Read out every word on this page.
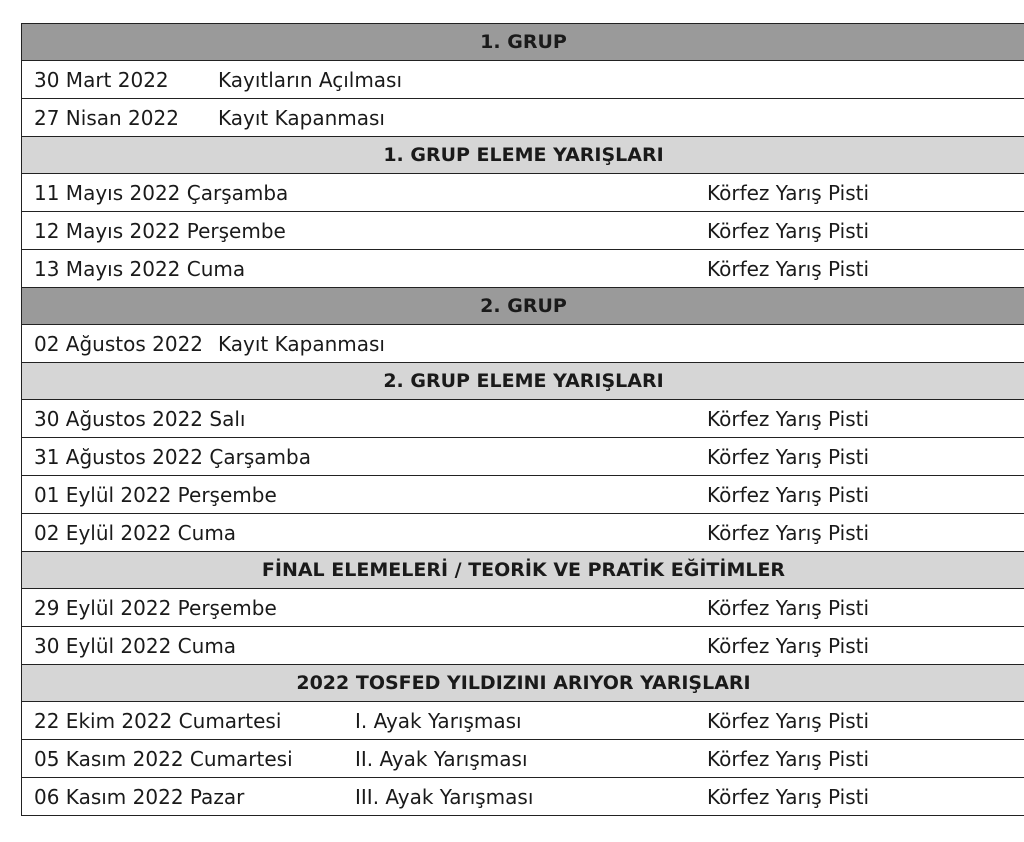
1. GRUP
30 Mart 2022 Kayıtların Açılması
27 Nisan 2022 Kayıt Kapanması
1. GRUP ELEME YARIŞLARI
11 Mayıs 2022 Çarşamba	Körfez Yarış Pisti
12 Mayıs 2022 Perşembe	Körfez Yarış Pisti
13 Mayıs 2022 Cuma	Körfez Yarış Pisti
2. GRUP
02 Ağustos 2022 Kayıt Kapanması
2. GRUP ELEME YARIŞLARI
30 Ağustos 2022 Salı	Körfez Yarış Pisti
31 Ağustos 2022 Çarşamba	Körfez Yarış Pisti
01 Eylül 2022 Perşembe	Körfez Yarış Pisti
02 Eylül 2022 Cuma	Körfez Yarış Pisti
FİNAL ELEMELERİ / TEORİK VE PRATİK EĞİTİMLER
29 Eylül 2022 Perşembe	Körfez Yarış Pisti
30 Eylül 2022 Cuma	Körfez Yarış Pisti
2022 TOSFED YILDIZINI ARIYOR YARIŞLARI
22 Ekim 2022 Cumartesi	I. Ayak Yarışması	Körfez Yarış Pisti
05 Kasım 2022 Cumartesi	II. Ayak Yarışması	Körfez Yarış Pisti
06 Kasım 2022 Pazar	III. Ayak Yarışması	Körfez Yarış Pisti
